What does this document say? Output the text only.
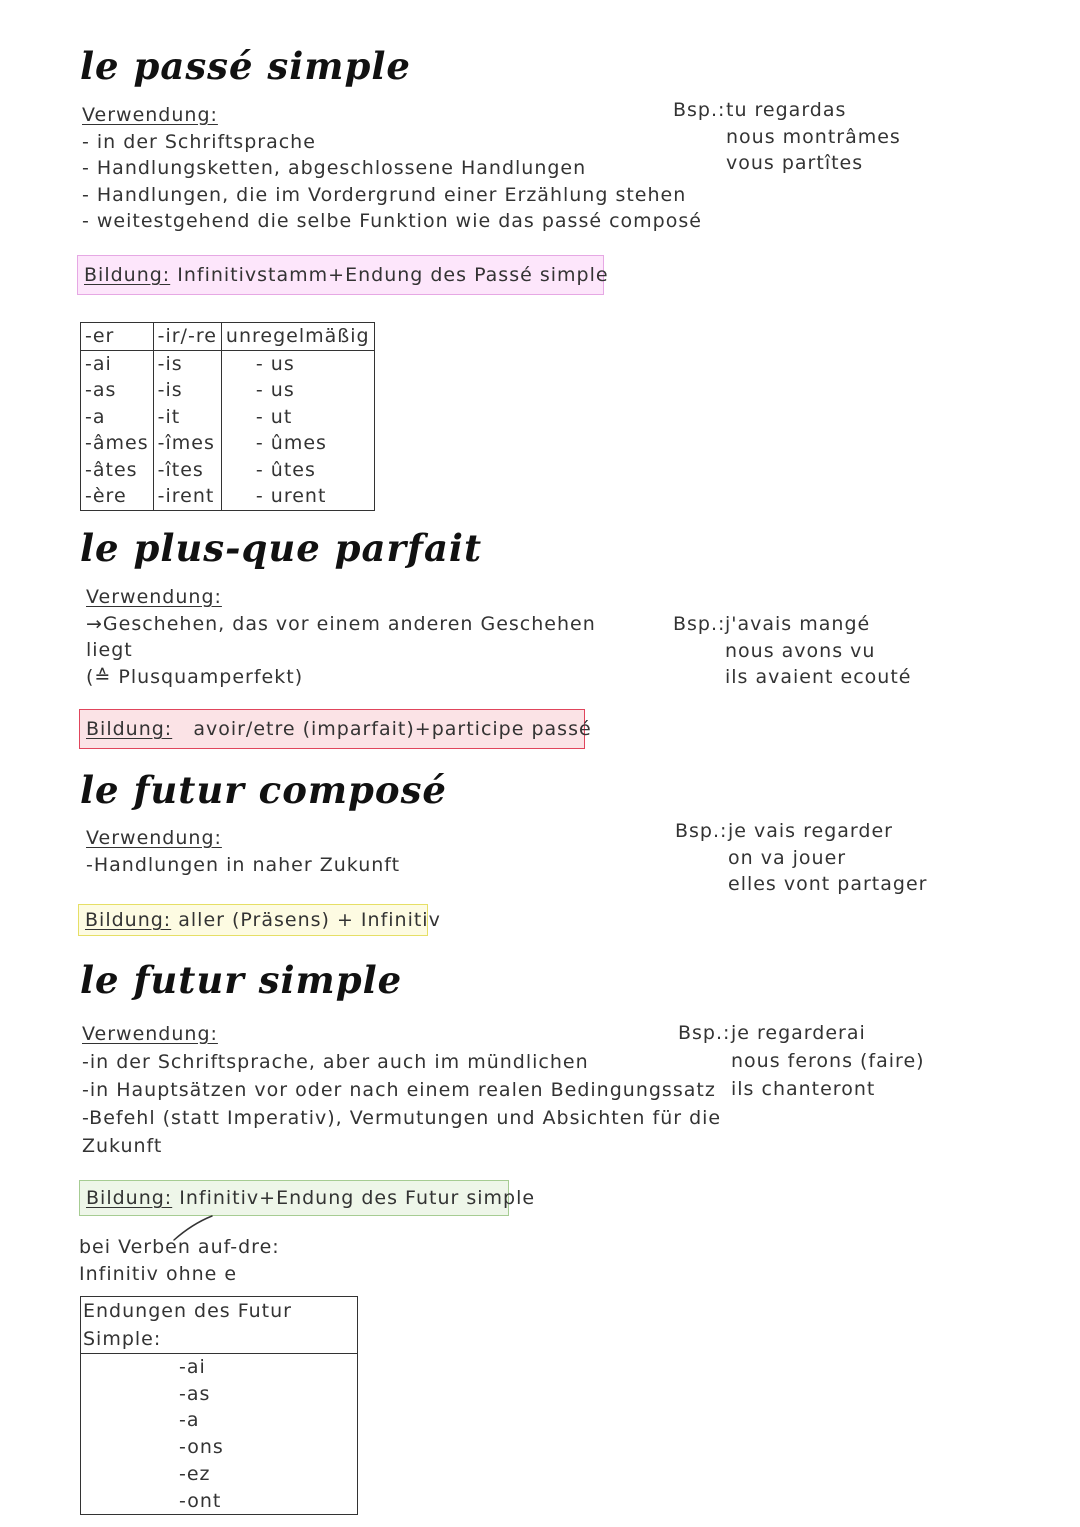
le passé simple
Verwendung:
- in der Schriftsprache
- Handlungsketten, abgeschlossene Handlungen
- Handlungen, die im Vordergrund einer Erzählung stehen
- weitestgehend die selbe Funktion wie das passé composé
Bsp.: tu regardas
nous montrâmes
vous partîtes
Bildung: Infinitivstamm+Endung des Passé simple
-er	-ir/-re	unregelmäßig
-ai	-is	- us
-as	-is	- us
-a	-it	- ut
-âmes	-îmes	- ûmes
-âtes	-îtes	- ûtes
-ère	-irent	- urent
le plus-que parfait
Verwendung:
→Geschehen, das vor einem anderen Geschehen
liegt
(≙ Plusquamperfekt)
Bsp.: j'avais mangé
nous avons vu
ils avaient ecouté
Bildung: avoir/etre (imparfait)+participe passé
le futur composé
Verwendung:
-Handlungen in naher Zukunft
Bsp.: je vais regarder
on va jouer
elles vont partager
Bildung: aller (Präsens) + Infinitiv
le futur simple
Verwendung:
-in der Schriftsprache, aber auch im mündlichen
-in Hauptsätzen vor oder nach einem realen Bedingungssatz
-Befehl (statt Imperativ), Vermutungen und Absichten für die
Zukunft
Bsp.: je regarderai
nous ferons (faire)
ils chanteront
Bildung: Infinitiv+Endung des Futur simple
bei Verben auf-dre:
Infinitiv ohne e
Endungen des Futur Simple:
-ai
-as
-a
-ons
-ez
-ont
